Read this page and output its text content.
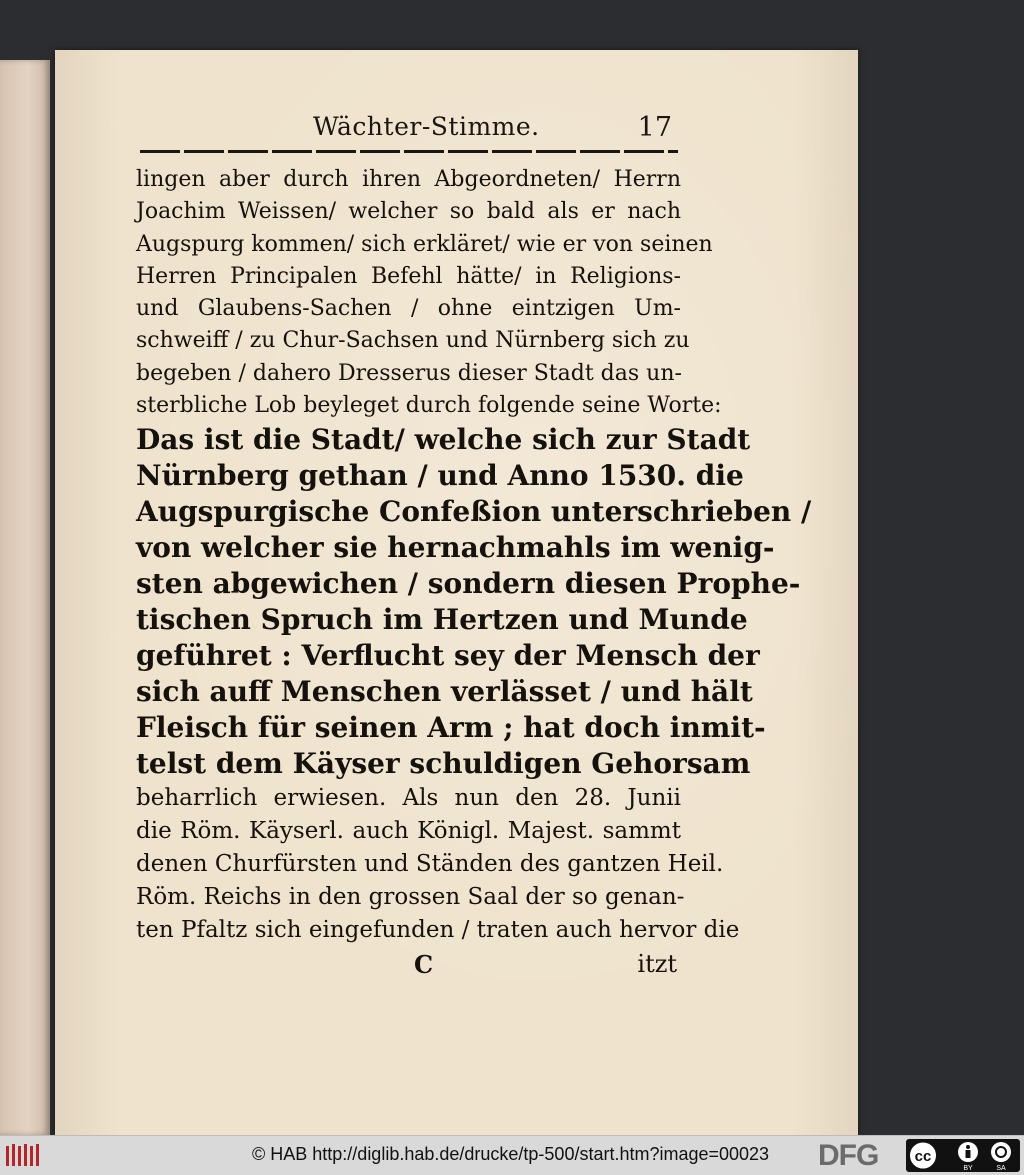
Wächter-Stimme.	17
lingen aber durch ihren Abgeordneten/ Herrn
Joachim Weissen/ welcher so bald als er nach
Augspurg kommen/ sich erkläret/ wie er von seinen
Herren Principalen Befehl hätte/ in Religions-
und Glaubens-Sachen / ohne eintzigen Um-
schweiff / zu Chur-Sachsen und Nürnberg sich zu
begeben / dahero Dresserus dieser Stadt das un-
sterbliche Lob beyleget durch folgende seine Worte:
Das ist die Stadt/ welche sich zur Stadt
Nürnberg gethan / und Anno 1530. die
Augspurgische Confeßion unterschrieben /
von welcher sie hernachmahls im wenig-
sten abgewichen / sondern diesen Prophe-
tischen Spruch im Hertzen und Munde
geführet : Verflucht sey der Mensch der
sich auff Menschen verlässet / und hält
Fleisch für seinen Arm ; hat doch inmit-
telst dem Käyser schuldigen Gehorsam
beharrlich erwiesen. Als nun den 28. Junii
die Röm. Käyserl. auch Königl. Majest. sammt
denen Churfürsten und Ständen des gantzen Heil.
Röm. Reichs in den grossen Saal der so genan-
ten Pfaltz sich eingefunden / traten auch hervor die
C	itzt
© HAB http://diglib.hab.de/drucke/tp-500/start.htm?image=00023 DFG cc
BY	SA
